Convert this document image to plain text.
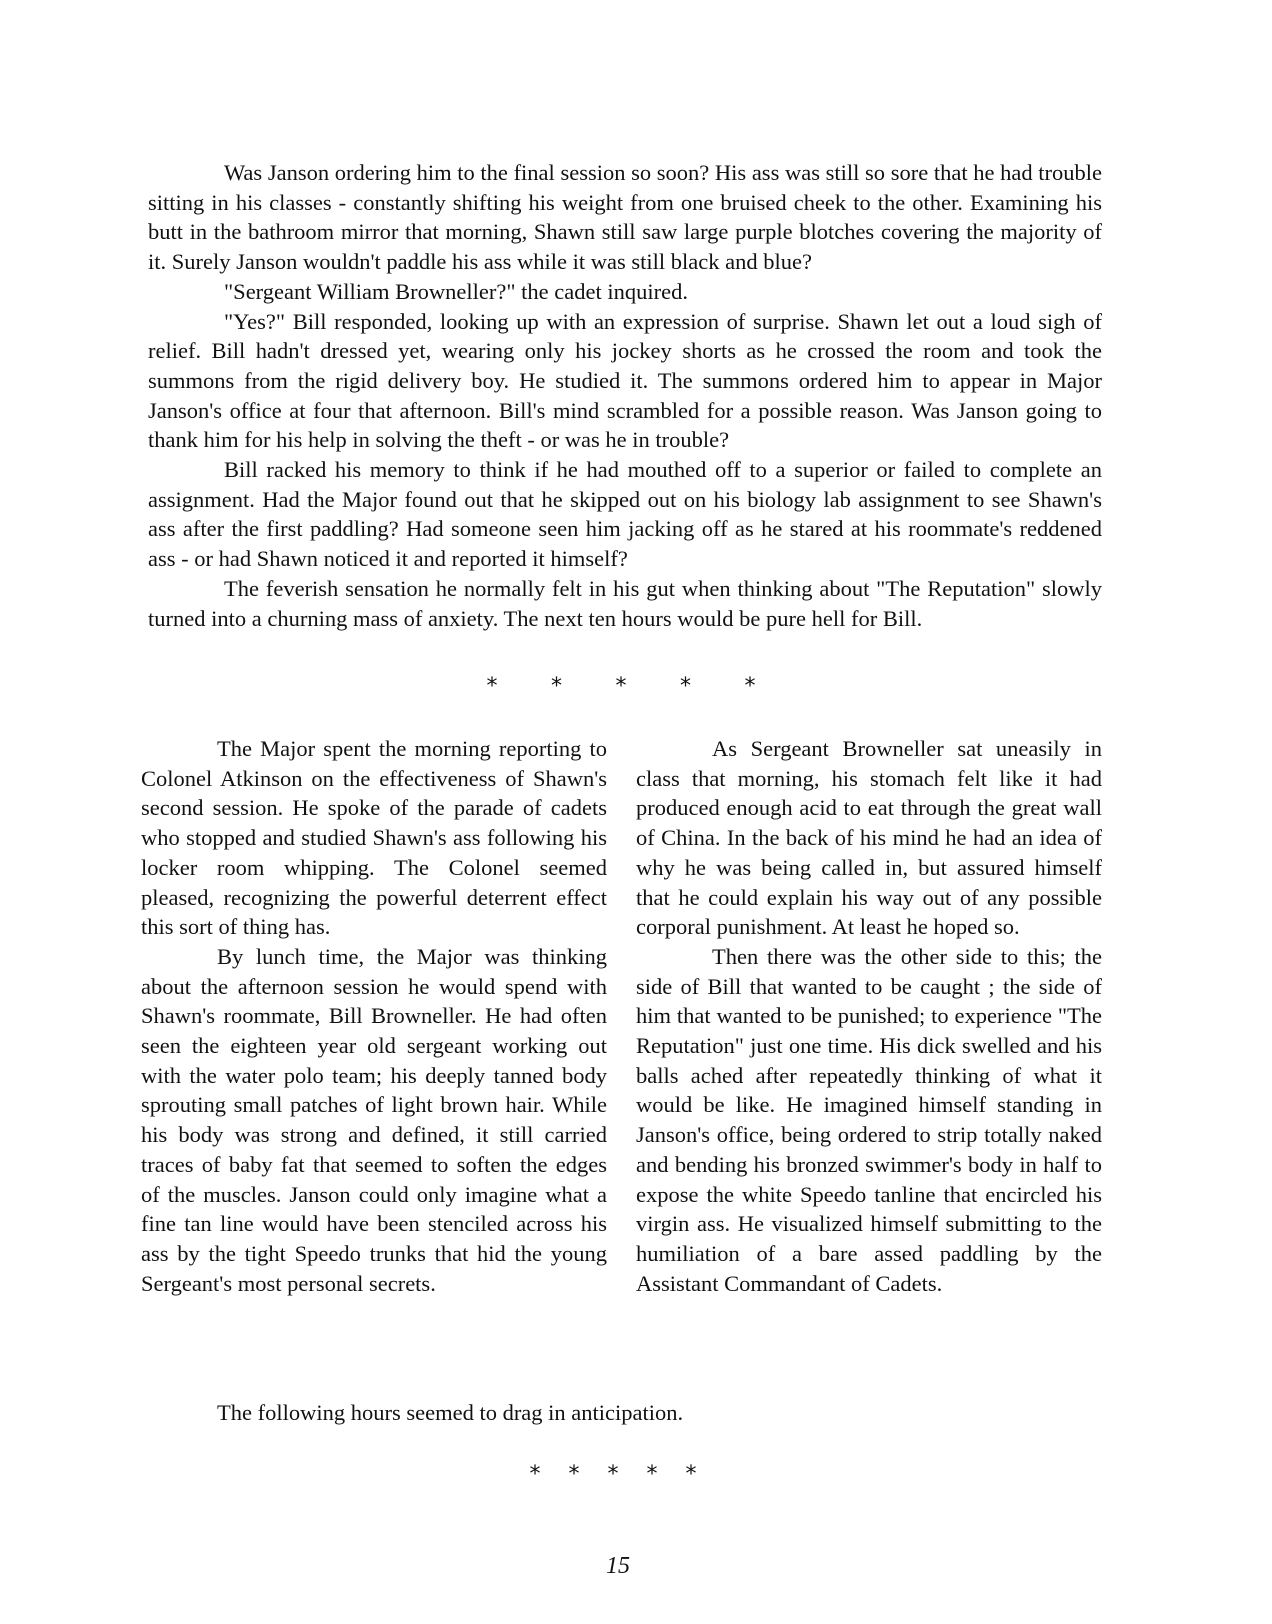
Was Janson ordering him to the final session so soon? His ass was still so sore that he had trouble sitting in his classes - constantly shifting his weight from one bruised cheek to the other. Examining his butt in the bathroom mirror that morning, Shawn still saw large purple blotches covering the majority of it. Surely Janson wouldn't paddle his ass while it was still black and blue?

"Sergeant William Browneller?" the cadet inquired.

"Yes?" Bill responded, looking up with an expression of surprise. Shawn let out a loud sigh of relief. Bill hadn't dressed yet, wearing only his jockey shorts as he crossed the room and took the summons from the rigid delivery boy. He studied it. The summons ordered him to appear in Major Janson's office at four that afternoon. Bill's mind scrambled for a possible reason. Was Janson going to thank him for his help in solving the theft - or was he in trouble?

Bill racked his memory to think if he had mouthed off to a superior or failed to complete an assignment. Had the Major found out that he skipped out on his biology lab assignment to see Shawn's ass after the first paddling? Had someone seen him jacking off as he stared at his roommate's reddened ass - or had Shawn noticed it and reported it himself?

The feverish sensation he normally felt in his gut when thinking about "The Reputation" slowly turned into a churning mass of anxiety. The next ten hours would be pure hell for Bill.

* * * * *

The Major spent the morning reporting to Colonel Atkinson on the effectiveness of Shawn's second session. He spoke of the parade of cadets who stopped and studied Shawn's ass following his locker room whipping. The Colonel seemed pleased, recognizing the powerful deterrent effect this sort of thing has.

By lunch time, the Major was thinking about the afternoon session he would spend with Shawn's roommate, Bill Browneller. He had often seen the eighteen year old sergeant working out with the water polo team; his deeply tanned body sprouting small patches of light brown hair. While his body was strong and defined, it still carried traces of baby fat that seemed to soften the edges of the muscles. Janson could only imagine what a fine tan line would have been stenciled across his ass by the tight Speedo trunks that hid the young Sergeant's most personal secrets.

As Sergeant Browneller sat uneasily in class that morning, his stomach felt like it had produced enough acid to eat through the great wall of China. In the back of his mind he had an idea of why he was being called in, but assured himself that he could explain his way out of any possible corporal punishment. At least he hoped so.

Then there was the other side to this; the side of Bill that wanted to be caught ; the side of him that wanted to be punished; to experience "The Reputation" just one time. His dick swelled and his balls ached after repeatedly thinking of what it would be like. He imagined himself standing in Janson's office, being ordered to strip totally naked and bending his bronzed swimmer's body in half to expose the white Speedo tanline that encircled his virgin ass. He visualized himself submitting to the humiliation of a bare assed paddling by the Assistant Commandant of Cadets.

The following hours seemed to drag in anticipation.

* * * * *
15
